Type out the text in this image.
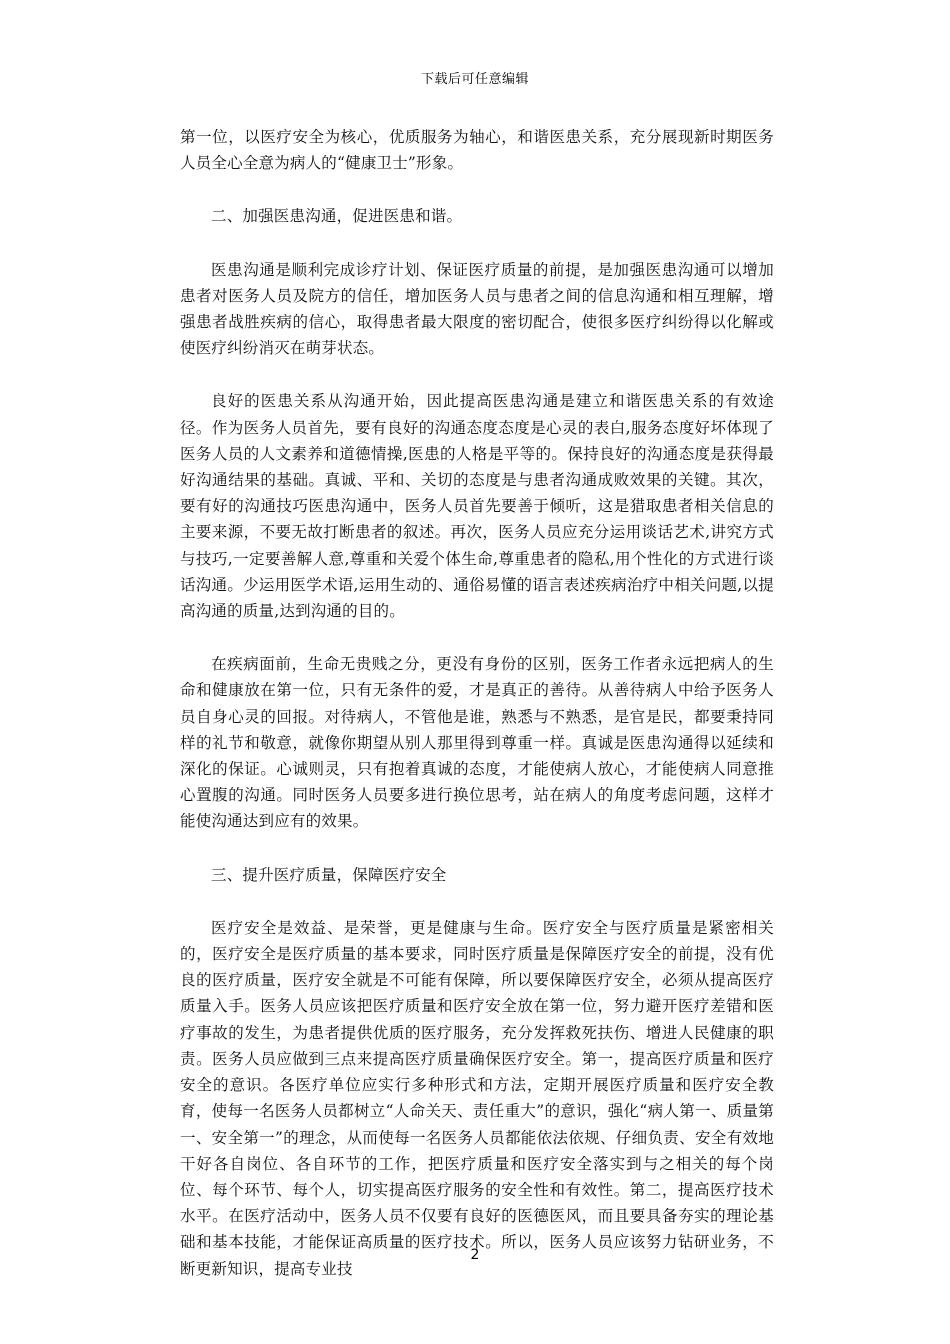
下载后可任意编辑

第一位，以医疗安全为核心，优质服务为轴心，和谐医患关系，充分展现新时期医务人员全心全意为病人的“健康卫士”形象。

二、加强医患沟通，促进医患和谐。

医患沟通是顺利完成诊疗计划、保证医疗质量的前提，是加强医患沟通可以增加患者对医务人员及院方的信任，增加医务人员与患者之间的信息沟通和相互理解，增强患者战胜疾病的信心，取得患者最大限度的密切配合，使很多医疗纠纷得以化解或使医疗纠纷消灭在萌芽状态。

良好的医患关系从沟通开始，因此提高医患沟通是建立和谐医患关系的有效途径。作为医务人员首先，要有良好的沟通态度态度是心灵的表白,服务态度好坏体现了医务人员的人文素养和道德情操,医患的人格是平等的。保持良好的沟通态度是获得最好沟通结果的基础。真诚、平和、关切的态度是与患者沟通成败效果的关键。其次，要有好的沟通技巧医患沟通中，医务人员首先要善于倾听，这是猎取患者相关信息的主要来源，不要无故打断患者的叙述。再次，医务人员应充分运用谈话艺术,讲究方式与技巧,一定要善解人意,尊重和关爱个体生命,尊重患者的隐私,用个性化的方式进行谈话沟通。少运用医学术语,运用生动的、通俗易懂的语言表述疾病治疗中相关问题,以提高沟通的质量,达到沟通的目的。

在疾病面前，生命无贵贱之分，更没有身份的区别，医务工作者永远把病人的生命和健康放在第一位，只有无条件的爱，才是真正的善待。从善待病人中给予医务人员自身心灵的回报。对待病人，不管他是谁，熟悉与不熟悉，是官是民，都要秉持同样的礼节和敬意，就像你期望从别人那里得到尊重一样。真诚是医患沟通得以延续和深化的保证。心诚则灵，只有抱着真诚的态度，才能使病人放心，才能使病人同意推心置腹的沟通。同时医务人员要多进行换位思考，站在病人的角度考虑问题，这样才能使沟通达到应有的效果。

三、提升医疗质量，保障医疗安全

医疗安全是效益、是荣誉，更是健康与生命。医疗安全与医疗质量是紧密相关的，医疗安全是医疗质量的基本要求，同时医疗质量是保障医疗安全的前提，没有优良的医疗质量，医疗安全就是不可能有保障，所以要保障医疗安全，必须从提高医疗质量入手。医务人员应该把医疗质量和医疗安全放在第一位，努力避开医疗差错和医疗事故的发生，为患者提供优质的医疗服务，充分发挥救死扶伤、增进人民健康的职责。医务人员应做到三点来提高医疗质量确保医疗安全。第一，提高医疗质量和医疗安全的意识。各医疗单位应实行多种形式和方法，定期开展医疗质量和医疗安全教育，使每一名医务人员都树立“人命关天、责任重大”的意识，强化“病人第一、质量第一、安全第一”的理念，从而使每一名医务人员都能依法依规、仔细负责、安全有效地干好各自岗位、各自环节的工作，把医疗质量和医疗安全落实到与之相关的每个岗位、每个环节、每个人，切实提高医疗服务的安全性和有效性。第二，提高医疗技术水平。在医疗活动中，医务人员不仅要有良好的医德医风，而且要具备夯实的理论基础和基本技能，才能保证高质量的医疗技术。所以，医务人员应该努力钻研业务，不断更新知识，提高专业技

2
